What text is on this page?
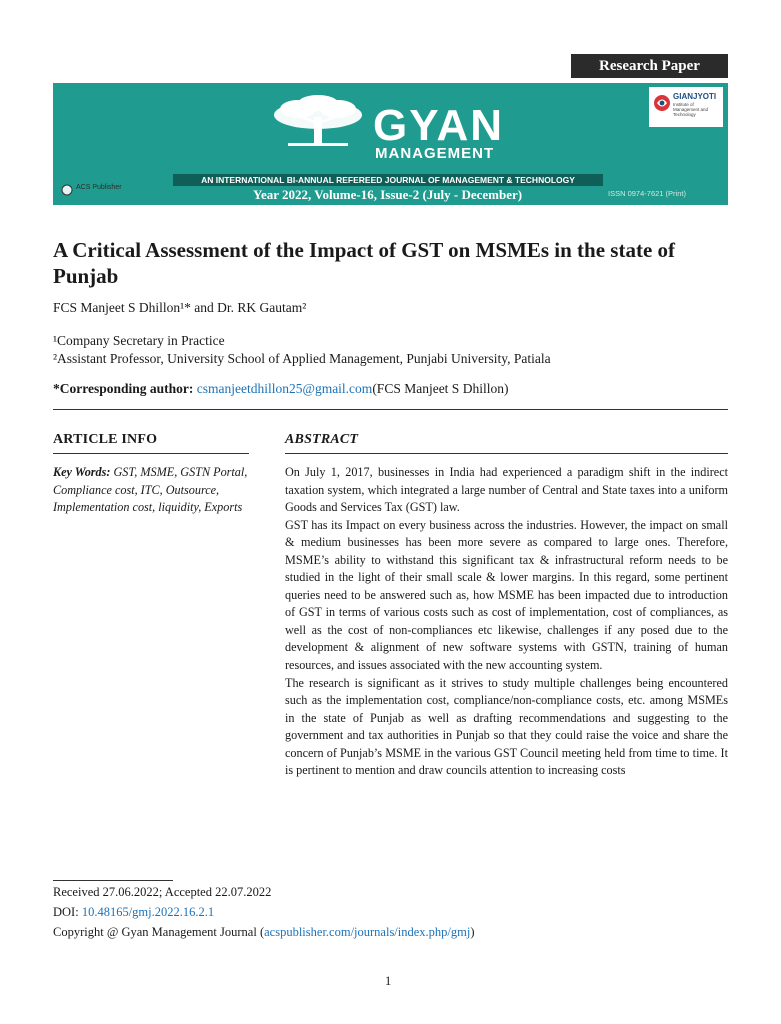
Research Paper
GYAN
MANAGEMENT
AN INTERNATIONAL BI-ANNUAL REFEREED JOURNAL OF MANAGEMENT & TECHNOLOGY
Year 2022, Volume-16, Issue-2 (July - December)	ISSN 0974-7621 (Print)
ACS Publisher
GIANJYOTI
Institute of Management and Technology
A Critical Assessment of the Impact of GST on MSMEs in the state of Punjab
FCS Manjeet S Dhillon¹* and Dr. RK Gautam²
¹Company Secretary in Practice
²Assistant Professor, University School of Applied Management, Punjabi University, Patiala
*Corresponding author: csmanjeetdhillon25@gmail.com(FCS Manjeet S Dhillon)
ARTICLE INFO	ABSTRACT
Key Words: GST, MSME, GSTN Portal, Compliance cost, ITC, Outsource, Implementation cost, liquidity, Exports

On July 1, 2017, businesses in India had experienced a paradigm shift in the indirect taxation system, which integrated a large number of Central and State taxes into a uniform Goods and Services Tax (GST) law.

GST has its Impact on every business across the industries. However, the impact on small & medium businesses has been more severe as compared to large ones. Therefore, MSME’s ability to withstand this significant tax & infrastructural reform needs to be studied in the light of their small scale & lower margins. In this regard, some pertinent queries need to be answered such as, how MSME has been impacted due to introduction of GST in terms of various costs such as cost of implementation, cost of compliances, as well as the cost of non-compliances etc likewise, challenges if any posed due to the development & alignment of new software systems with GSTN, training of human resources, and issues associated with the new accounting system.

The research is significant as it strives to study multiple challenges being encountered such as the implementation cost, compliance/non-compliance costs, etc. among MSMEs in the state of Punjab as well as drafting recommendations and suggesting to the government and tax authorities in Punjab so that they could raise the voice and share the concern of Punjab’s MSME in the various GST Council meeting held from time to time. It is pertinent to mention and draw councils attention to increasing costs

Received 27.06.2022; Accepted 22.07.2022
DOI: 10.48165/gmj.2022.16.2.1
Copyright @ Gyan Management Journal (acspublisher.com/journals/index.php/gmj)
1
